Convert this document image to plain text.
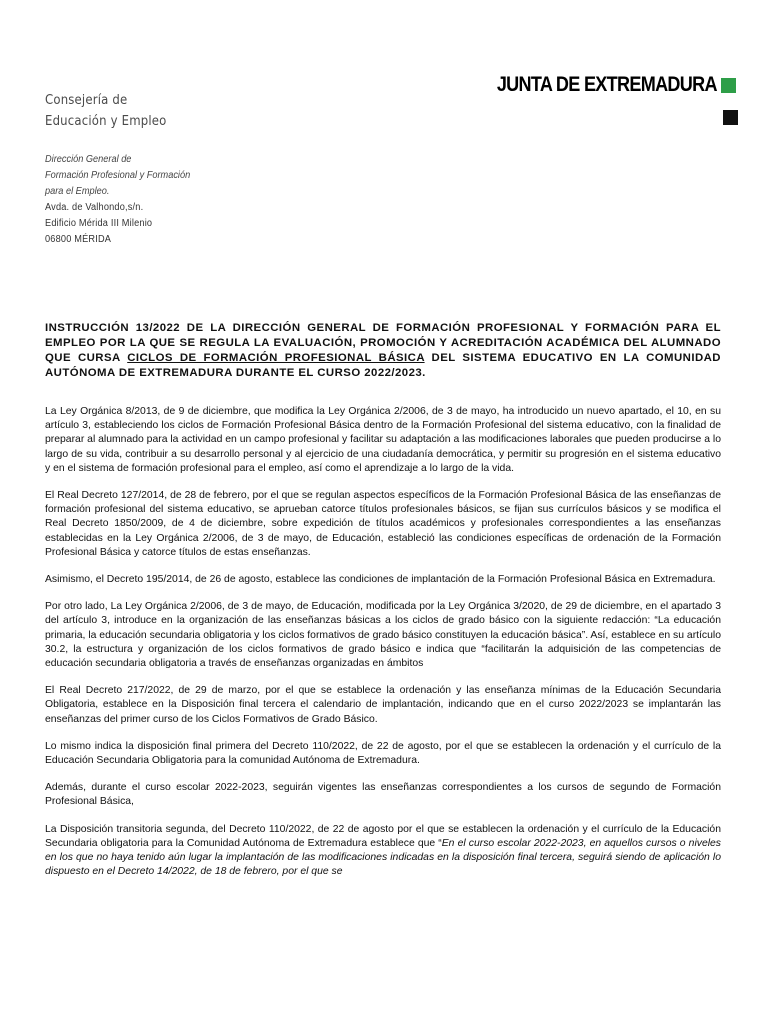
Consejería de
Educación y Empleo
JUNTA DE EXTREMADURA
Dirección General de
Formación Profesional y Formación
para el Empleo.
Avda. de Valhondo,s/n.
Edificio Mérida III Milenio
06800 MÉRIDA

INSTRUCCIÓN 13/2022 DE LA DIRECCIÓN GENERAL DE FORMACIÓN PROFESIONAL Y FORMACIÓN PARA EL EMPLEO POR LA QUE SE REGULA LA EVALUACIÓN, PROMOCIÓN Y ACREDITACIÓN ACADÉMICA DEL ALUMNADO QUE CURSA CICLOS DE FORMACIÓN PROFESIONAL BÁSICA DEL SISTEMA EDUCATIVO EN LA COMUNIDAD AUTÓNOMA DE EXTREMADURA DURANTE EL CURSO 2022/2023.

La Ley Orgánica 8/2013, de 9 de diciembre, que modifica la Ley Orgánica 2/2006, de 3 de mayo, ha introducido un nuevo apartado, el 10, en su artículo 3, estableciendo los ciclos de Formación Profesional Básica dentro de la Formación Profesional del sistema educativo, con la finalidad de preparar al alumnado para la actividad en un campo profesional y facilitar su adaptación a las modificaciones laborales que pueden producirse a lo largo de su vida, contribuir a su desarrollo personal y al ejercicio de una ciudadanía democrática, y permitir su progresión en el sistema educativo y en el sistema de formación profesional para el empleo, así como el aprendizaje a lo largo de la vida.

El Real Decreto 127/2014, de 28 de febrero, por el que se regulan aspectos específicos de la Formación Profesional Básica de las enseñanzas de formación profesional del sistema educativo, se aprueban catorce títulos profesionales básicos, se fijan sus currículos básicos y se modifica el Real Decreto 1850/2009, de 4 de diciembre, sobre expedición de títulos académicos y profesionales correspondientes a las enseñanzas establecidas en la Ley Orgánica 2/2006, de 3 de mayo, de Educación, estableció las condiciones específicas de ordenación de la Formación Profesional Básica y catorce títulos de estas enseñanzas.

Asimismo, el Decreto 195/2014, de 26 de agosto, establece las condiciones de implantación de la Formación Profesional Básica en Extremadura.

Por otro lado, La Ley Orgánica 2/2006, de 3 de mayo, de Educación, modificada por la Ley Orgánica 3/2020, de 29 de diciembre, en el apartado 3 del artículo 3, introduce en la organización de las enseñanzas básicas a los ciclos de grado básico con la siguiente redacción: “La educación primaria, la educación secundaria obligatoria y los ciclos formativos de grado básico constituyen la educación básica”. Así, establece en su artículo 30.2, la estructura y organización de los ciclos formativos de grado básico e indica que “facilitarán la adquisición de las competencias de educación secundaria obligatoria a través de enseñanzas organizadas en ámbitos

El Real Decreto 217/2022, de 29 de marzo, por el que se establece la ordenación y las enseñanza mínimas de la Educación Secundaria Obligatoria, establece en la Disposición final tercera el calendario de implantación, indicando que en el curso 2022/2023 se implantarán las enseñanzas del primer curso de los Ciclos Formativos de Grado Básico.

Lo mismo indica la disposición final primera del Decreto 110/2022, de 22 de agosto, por el que se establecen la ordenación y el currículo de la Educación Secundaria Obligatoria para la comunidad Autónoma de Extremadura.

Además, durante el curso escolar 2022-2023, seguirán vigentes las enseñanzas correspondientes a los cursos de segundo de Formación Profesional Básica,

La Disposición transitoria segunda, del Decreto 110/2022, de 22 de agosto por el que se establecen la ordenación y el currículo de la Educación Secundaria obligatoria para la Comunidad Autónoma de Extremadura establece que “En el curso escolar 2022-2023, en aquellos cursos o niveles en los que no haya tenido aún lugar la implantación de las modificaciones indicadas en la disposición final tercera, seguirá siendo de aplicación lo dispuesto en el Decreto 14/2022, de 18 de febrero, por el que se
